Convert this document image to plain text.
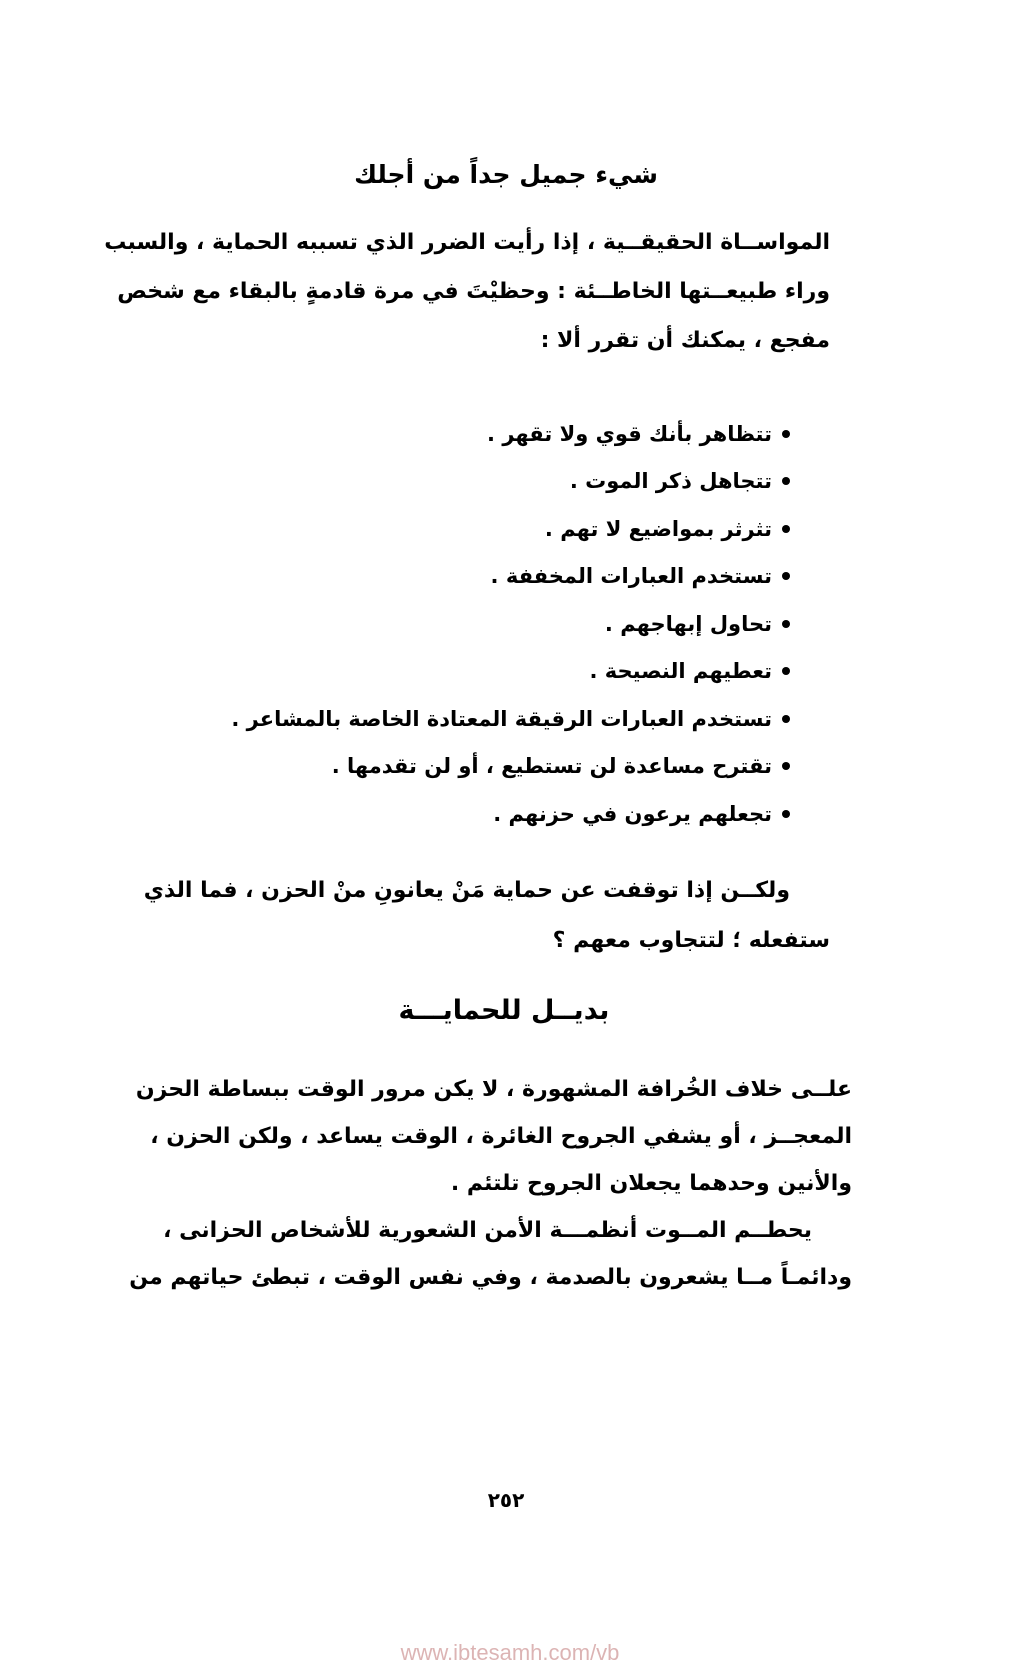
شيء جميل جداً من أجلك
المواســاة الحقيقــية ، إذا رأيت الضرر الذي تسببه الحماية ، والسبب
وراء طبيعــتها الخاطــئة : وحظيْتَ في مرة قادمةٍ بالبقاء مع شخص
مفجع ، يمكنك أن تقرر ألا :
تتظاهر بأنك قوي ولا تقهر .
تتجاهل ذكر الموت .
تثرثر بمواضيع لا تهم .
تستخدم العبارات المخففة .
تحاول إبهاجهم .
تعطيهم النصيحة .
تستخدم العبارات الرقيقة المعتادة الخاصة بالمشاعر .
تقترح مساعدة لن تستطيع ، أو لن تقدمها .
تجعلهم يرعون في حزنهم .
ولكــن إذا توقفت عن حماية مَنْ يعانونِ منْ الحزن ، فما الذي
ستفعله ؛ لتتجاوب معهم ؟
بديــل للحمايـــة
علــى خلاف الخُرافة المشهورة ، لا يكن مرور الوقت ببساطة الحزن
المعجــز ، أو يشفي الجروح الغائرة ، الوقت يساعد ، ولكن الحزن ،
والأنين وحدهما يجعلان الجروح تلتئم .
يحطــم المــوت أنظمـــة الأمن الشعورية للأشخاص الحزانى ،
ودائمـاً مــا يشعرون بالصدمة ، وفي نفس الوقت ، تبطئ حياتهم من
٢٥٢
www.ibtesamh.com/vb
